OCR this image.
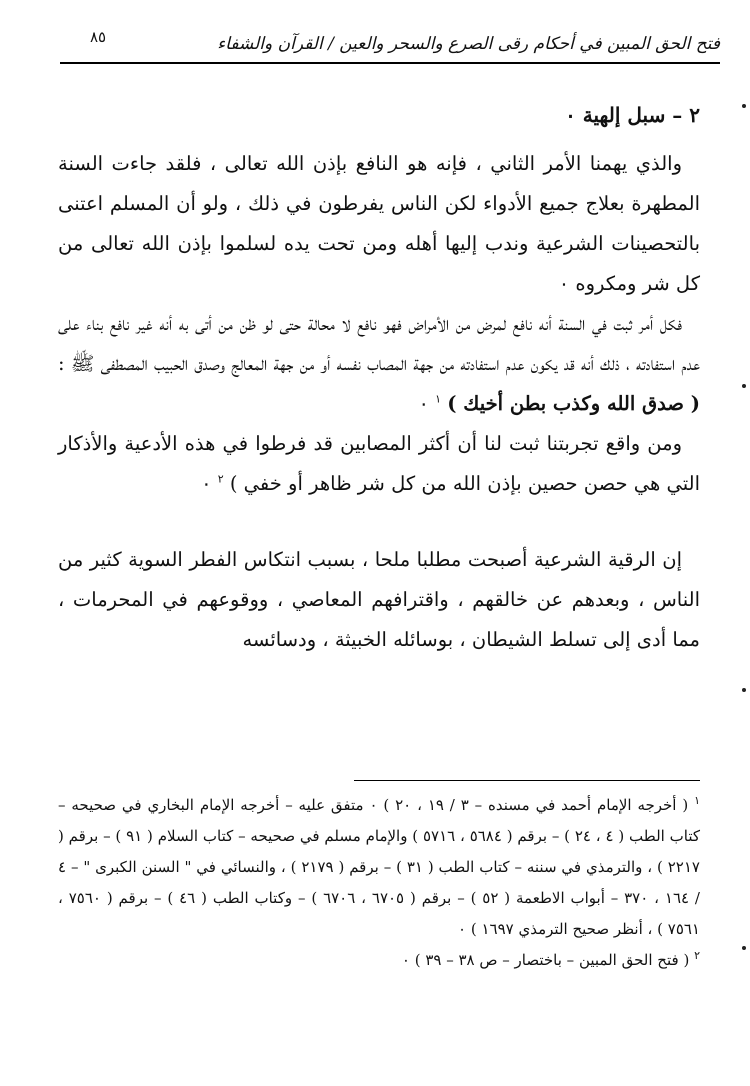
٨٥	فتح الحق المبين في أحكام رقى الصرع والسحر والعين / القرآن والشفاء

٢ – سبل إلهية ٠

والذي يهمنا الأمر الثاني ، فإنه هو النافع بإذن الله تعالى ، فلقد جاءت السنة المطهرة بعلاج جميع الأدواء لكن الناس يفرطون في ذلك ، ولو أن المسلم اعتنى بالتحصينات الشرعية وندب إليها أهله ومن تحت يده لسلموا بإذن الله تعالى من كل شر ومكروه ٠

فكل أمر ثبت في السنة أنه نافع لمرض من الأمراض فهو نافع لا محالة حتى لو ظن من أتى به أنه غير نافع بناء على عدم استفادته ، ذلك أنه قد يكون عدم استفادته من جهة المصاب نفسه أو من جهة المعالج وصدق الحبيب المصطفى ﷺ : ( صدق الله وكذب بطن أخيك ) $^١$ ٠

ومن واقع تجربتنا ثبت لنا أن أكثر المصابين قد فرطوا في هذه الأدعية والأذكار التي هي حصن حصين بإذن الله من كل شر ظاهر أو خفي ) $^٢$ ٠

إن الرقية الشرعية أصبحت مطلبا ملحا ، بسبب انتكاس الفطر السوية كثير من الناس ، وبعدهم عن خالقهم ، واقترافهم المعاصي ، ووقوعهم في المحرمات ، مما أدى إلى تسلط الشيطان ، بوسائله الخبيثة ، ودسائسه

$^١$ ( أخرجه الإمام أحمد في مسنده – ٣ / ١٩ ، ٢٠ ) ٠ متفق عليه – أخرجه الإمام البخاري في صحيحه – كتاب الطب ( ٤ ، ٢٤ ) – برقم ( ٥٦٨٤ ، ٥٧١٦ ) والإمام مسلم في صحيحه – كتاب السلام ( ٩١ ) – برقم ( ٢٢١٧ ) ، والترمذي في سننه – كتاب الطب ( ٣١ ) – برقم ( ٢١٧٩ ) ، والنسائي في " السنن الكبرى " – ٤ / ١٦٤ ، ٣٧٠ – أبواب الاطعمة ( ٥٢ ) – برقم ( ٦٧٠٥ ، ٦٧٠٦ ) – وكتاب الطب ( ٤٦ ) – برقم ( ٧٥٦٠ ، ٧٥٦١ ) ، أنظر صحيح الترمذي ١٦٩٧ ) ٠

$^٢$ ( فتح الحق المبين – باختصار – ص ٣٨ – ٣٩ ) ٠
